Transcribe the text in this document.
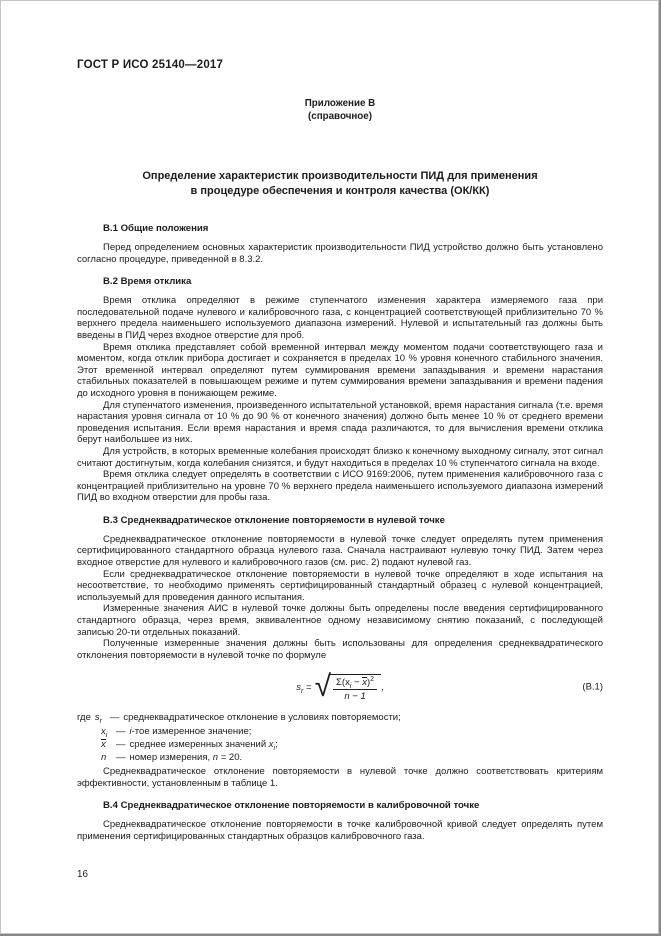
ГОСТ Р ИСО 25140—2017
Приложение В
(справочное)
Определение характеристик производительности ПИД для применения
в процедуре обеспечения и контроля качества (ОК/КК)
В.1 Общие положения

Перед определением основных характеристик производительности ПИД устройство должно быть установлено согласно процедуре, приведенной в 8.3.2.

В.2 Время отклика

Время отклика определяют в режиме ступенчатого изменения характера измеряемого газа при последовательной подаче нулевого и калибровочного газа, с концентрацией соответствующей приблизительно 70 % верхнего предела наименьшего используемого диапазона измерений. Нулевой и испытательный газ должны быть введены в ПИД через входное отверстие для проб.

Время отклика представляет собой временной интервал между моментом подачи соответствующего газа и моментом, когда отклик прибора достигает и сохраняется в пределах 10 % уровня конечного стабильного значения. Этот временной интервал определяют путем суммирования времени запаздывания и времени нарастания стабильных показателей в повышающем режиме и путем суммирования времени запаздывания и времени падения до исходного уровня в понижающем режиме.

Для ступенчатого изменения, произведенного испытательной установкой, время нарастания сигнала (т.е. время нарастания уровня сигнала от 10 % до 90 % от конечного значения) должно быть менее 10 % от среднего времени проведения испытания. Если время нарастания и время спада различаются, то для вычисления времени отклика берут наибольшее из них.

Для устройств, в которых временные колебания происходят близко к конечному выходному сигналу, этот сигнал считают достигнутым, когда колебания снизятся, и будут находиться в пределах 10 % ступенчатого сигнала на входе.

Время отклика следует определять в соответствии с ИСО 9169:2006, путем применения калибровочного газа с концентрацией приблизительно на уровне 70 % верхнего предела наименьшего используемого диапазона измерений ПИД во входном отверстии для пробы газа.

В.3 Среднеквадратическое отклонение повторяемости в нулевой точке

Среднеквадратическое отклонение повторяемости в нулевой точке следует определять путем применения сертифицированного стандартного образца нулевого газа. Сначала настраивают нулевую точку ПИД. Затем через входное отверстие для нулевого и калибровочного газов (см. рис. 2) подают нулевой газ.

Если среднеквадратическое отклонение повторяемости в нулевой точке определяют в ходе испытания на несоответствие, то необходимо применять сертифицированный стандартный образец с нулевой концентрацией, используемый для проведения данного испытания.

Измеренные значения АИС в нулевой точке должны быть определены после введения сертифицированного стандартного образца, через время, эквивалентное одному независимому снятию показаний, с последующей записью 20-ти отдельных показаний.

Полученные измеренные значения должны быть использованы для определения среднеквадратического отклонения повторяемости в нулевой точке по формуле

$s_r$ = √ $\frac{\Sigma(x_i - x)^2}{n - 1}$ ,	(В.1)
где $s_r$ — среднеквадратическое отклонение в условиях повторяемости;
$x_i$ — i-тое измеренное значение;
x — среднее измеренных значений $x_i$;
n — номер измерения, n = 20.

Среднеквадратическое отклонение повторяемости в нулевой точке должно соответствовать критериям эффективности, установленным в таблице 1.

В.4 Среднеквадратическое отклонение повторяемости в калибровочной точке

Среднеквадратическое отклонение повторяемости в точке калибровочной кривой следует определять путем применения сертифицированных стандартных образцов калибровочного газа.

16
